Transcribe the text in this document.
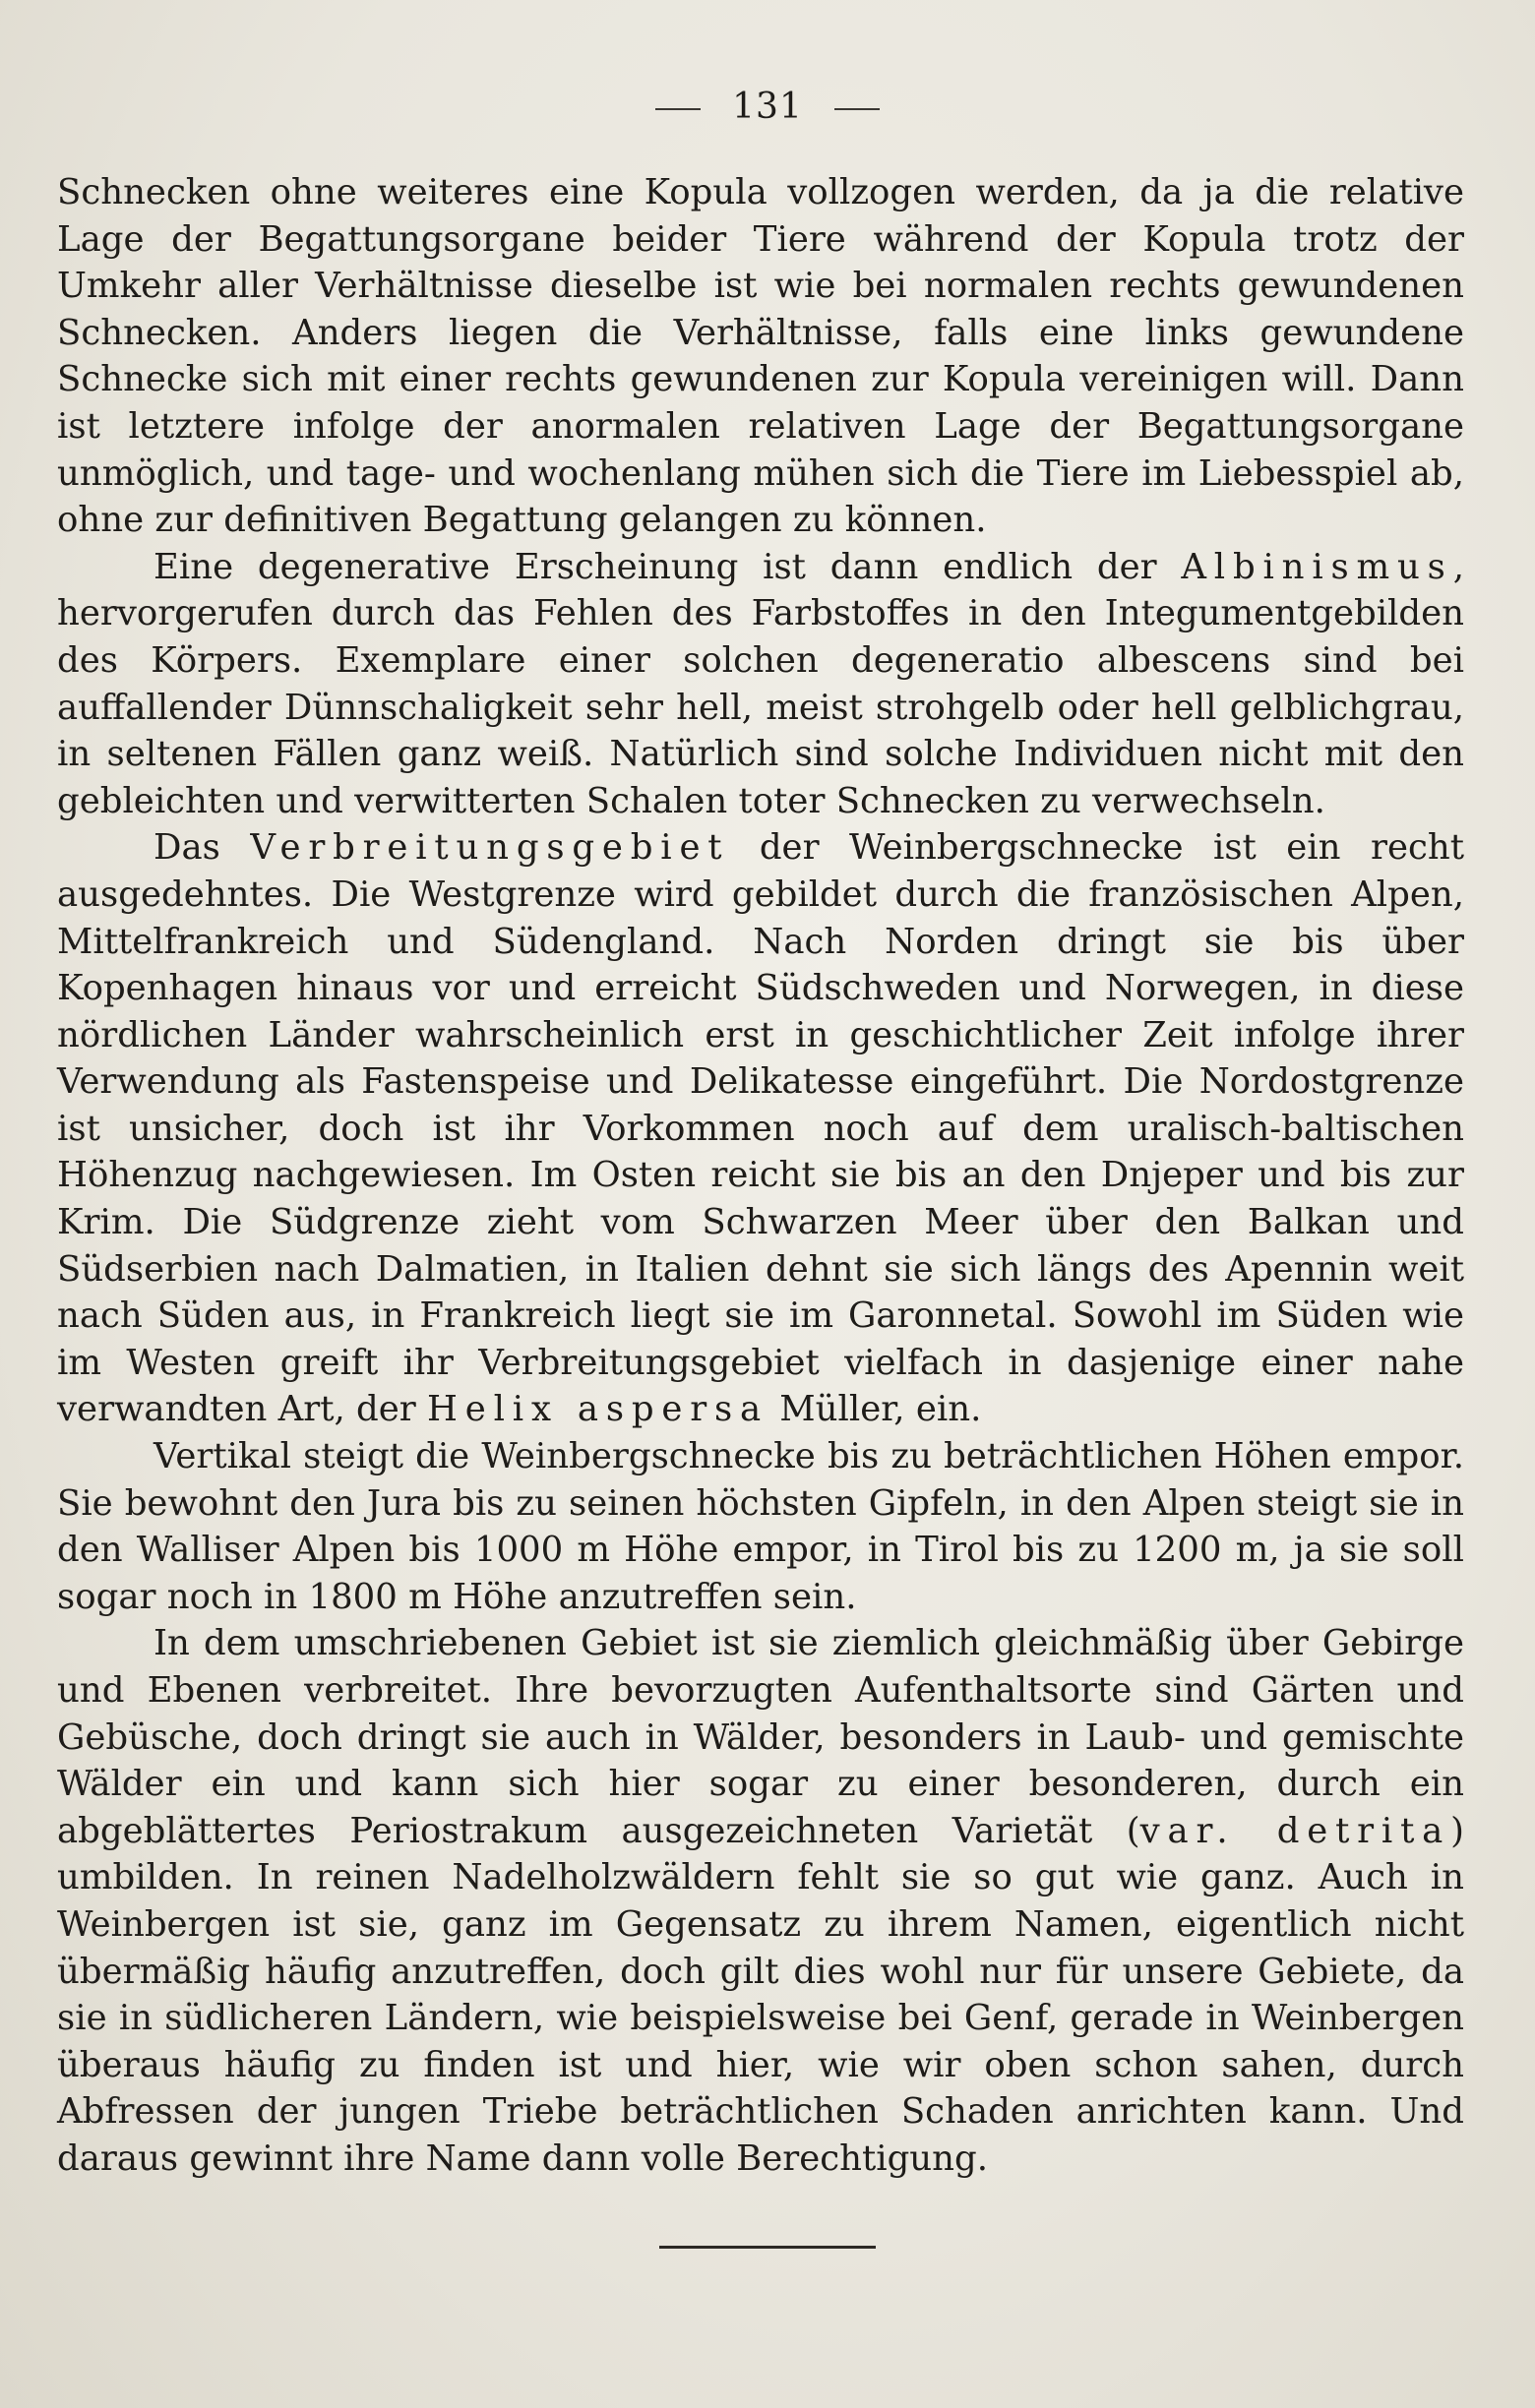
131

Schnecken ohne weiteres eine Kopula vollzogen werden, da ja die relative Lage der Begattungsorgane beider Tiere während der Kopula trotz der Umkehr aller Verhältnisse dieselbe ist wie bei normalen rechts gewundenen Schnecken. Anders liegen die Verhältnisse, falls eine links gewundene Schnecke sich mit einer rechts gewundenen zur Kopula vereinigen will. Dann ist letztere infolge der anormalen relativen Lage der Begattungsorgane unmöglich, und tage- und wochenlang mühen sich die Tiere im Liebesspiel ab, ohne zur definitiven Begattung gelangen zu können.

Eine degenerative Erscheinung ist dann endlich der Albinismus, hervorgerufen durch das Fehlen des Farbstoffes in den Integumentgebilden des Körpers. Exemplare einer solchen degeneratio albescens sind bei auffallender Dünnschaligkeit sehr hell, meist strohgelb oder hell gelblichgrau, in seltenen Fällen ganz weiß. Natürlich sind solche Individuen nicht mit den gebleichten und verwitterten Schalen toter Schnecken zu verwechseln.

Das Verbreitungsgebiet der Weinbergschnecke ist ein recht ausgedehntes. Die Westgrenze wird gebildet durch die französischen Alpen, Mittelfrankreich und Südengland. Nach Norden dringt sie bis über Kopenhagen hinaus vor und erreicht Südschweden und Norwegen, in diese nördlichen Länder wahrscheinlich erst in geschichtlicher Zeit infolge ihrer Verwendung als Fastenspeise und Delikatesse eingeführt. Die Nordostgrenze ist unsicher, doch ist ihr Vorkommen noch auf dem uralisch-baltischen Höhenzug nachgewiesen. Im Osten reicht sie bis an den Dnjeper und bis zur Krim. Die Südgrenze zieht vom Schwarzen Meer über den Balkan und Südserbien nach Dalmatien, in Italien dehnt sie sich längs des Apennin weit nach Süden aus, in Frankreich liegt sie im Garonnetal. Sowohl im Süden wie im Westen greift ihr Verbreitungsgebiet vielfach in dasjenige einer nahe verwandten Art, der Helix aspersa Müller, ein.

Vertikal steigt die Weinbergschnecke bis zu beträchtlichen Höhen empor. Sie bewohnt den Jura bis zu seinen höchsten Gipfeln, in den Alpen steigt sie in den Walliser Alpen bis 1000 m Höhe empor, in Tirol bis zu 1200 m, ja sie soll sogar noch in 1800 m Höhe anzutreffen sein.

In dem umschriebenen Gebiet ist sie ziemlich gleichmäßig über Gebirge und Ebenen verbreitet. Ihre bevorzugten Aufenthaltsorte sind Gärten und Gebüsche, doch dringt sie auch in Wälder, besonders in Laub- und gemischte Wälder ein und kann sich hier sogar zu einer besonderen, durch ein abgeblättertes Periostrakum ausgezeichneten Varietät (var. detrita) umbilden. In reinen Nadelholzwäldern fehlt sie so gut wie ganz. Auch in Weinbergen ist sie, ganz im Gegensatz zu ihrem Namen, eigentlich nicht übermäßig häufig anzutreffen, doch gilt dies wohl nur für unsere Gebiete, da sie in südlicheren Ländern, wie beispielsweise bei Genf, gerade in Weinbergen überaus häufig zu finden ist und hier, wie wir oben schon sahen, durch Abfressen der jungen Triebe beträchtlichen Schaden anrichten kann. Und daraus gewinnt ihre Name dann volle Berechtigung.
